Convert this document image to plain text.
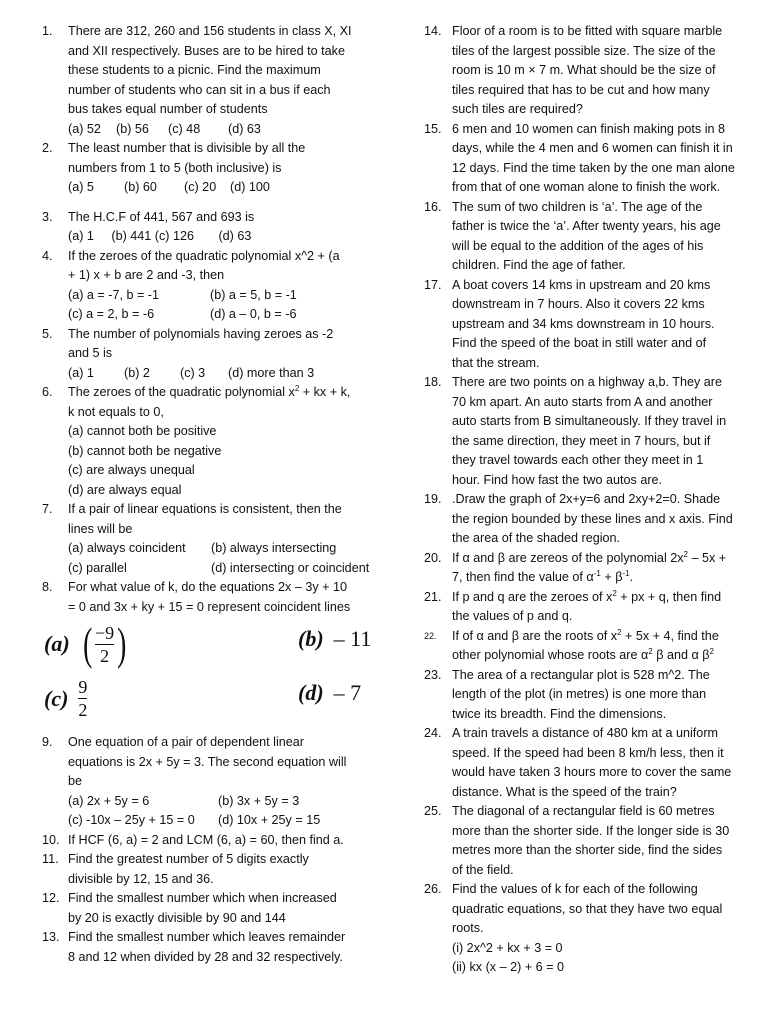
1. There are 312, 260 and 156 students in class X, XI
and XII respectively. Buses are to be hired to take
these students to a picnic. Find the maximum
number of students who can sit in a bus if each
bus takes equal number of students
(a) 52	(b) 56	(c) 48	(d) 63
2. The least number that is divisible by all the
numbers from 1 to 5 (both inclusive) is
(a) 5	(b) 60	(c) 20	(d) 100
3. The H.C.F of 441, 567 and 693 is
(a) 1     (b) 441 (c) 126       (d) 63
4. If the zeroes of the quadratic polynomial x^2 + (a
+ 1) x + b are 2 and -3, then
(a) a = -7, b = -1	(b) a = 5, b = -1
(c) a = 2, b = -6	(d) a – 0, b = -6
5. The number of polynomials having zeroes as -2
and 5 is
(a) 1	(b) 2	(c) 3	(d) more than 3
6. The zeroes of the quadratic polynomial $x^2$ + kx + k,
k not equals to 0,
(a) cannot both be positive
(b) cannot both be negative
(c) are always unequal
(d) are always equal
7. If a pair of linear equations is consistent, then the
lines will be
(a) always coincident	(b) always intersecting
(c) parallel	(d) intersecting or coincident
8. For what value of k, do the equations 2x – 3y + 10
= 0 and 3x + ky + 15 = 0 represent coincident lines
(a) ( $\frac{-9}{2}$ )	(b) – 11
$(c) \frac{9}{2}$	(d) – 7
9. One equation of a pair of dependent linear
equations is 2x + 5y = 3. The second equation will
be
(a) 2x + 5y = 6	(b) 3x + 5y = 3
(c) -10x – 25y + 15 = 0	(d) 10x + 25y = 15
10. If HCF (6, a) = 2 and LCM (6, a) = 60, then find a.
11. Find the greatest number of 5 digits exactly
divisible by 12, 15 and 36.
12. Find the smallest number which when increased
by 20 is exactly divisible by 90 and 144
13. Find the smallest number which leaves remainder
8 and 12 when divided by 28 and 32 respectively.
14. Floor of a room is to be fitted with square marble
tiles of the largest possible size. The size of the
room is 10 m × 7 m. What should be the size of
tiles required that has to be cut and how many
such tiles are required?
15. 6 men and 10 women can finish making pots in 8
days, while the 4 men and 6 women can finish it in
12 days. Find the time taken by the one man alone
from that of one woman alone to finish the work.
16. The sum of two children is ‘a’. The age of the
father is twice the ‘a’. After twenty years, his age
will be equal to the addition of the ages of his
children. Find the age of father.
17. A boat covers 14 kms in upstream and 20 kms
downstream in 7 hours. Also it covers 22 kms
upstream and 34 kms downstream in 10 hours.
Find the speed of the boat in still water and of
that the stream.
18. There are two points on a highway a,b. They are
70 km apart. An auto starts from A and another
auto starts from B simultaneously. If they travel in
the same direction, they meet in 7 hours, but if
they travel towards each other they meet in 1
hour. Find how fast the two autos are.
19. .Draw the graph of 2x+y=6 and 2xy+2=0. Shade
the region bounded by these lines and x axis. Find
the area of the shaded region.
20. If α and β are zereos of the polynomial $2x^2 - 5x$ +
7, then find the value of $\alpha^{-1} + \beta^{-1}$.
21. If p and q are the zeroes of $x^2$ + px + q, then find
the values of p and q.
22. If of α and β are the roots of $x^2 + 5x + 4$, find the
other polynomial whose roots are $\alpha^2$ β and α $\beta^2$
23. The area of a rectangular plot is 528 m^2. The
length of the plot (in metres) is one more than
twice its breadth. Find the dimensions.
24. A train travels a distance of 480 km at a uniform
speed. If the speed had been 8 km/h less, then it
would have taken 3 hours more to cover the same
distance. What is the speed of the train?
25. The diagonal of a rectangular field is 60 metres
more than the shorter side. If the longer side is 30
metres more than the shorter side, find the sides
of the field.
26. Find the values of k for each of the following
quadratic equations, so that they have two equal
roots.
(i) 2x^2 + kx + 3 = 0
(ii) kx (x – 2) + 6 = 0
